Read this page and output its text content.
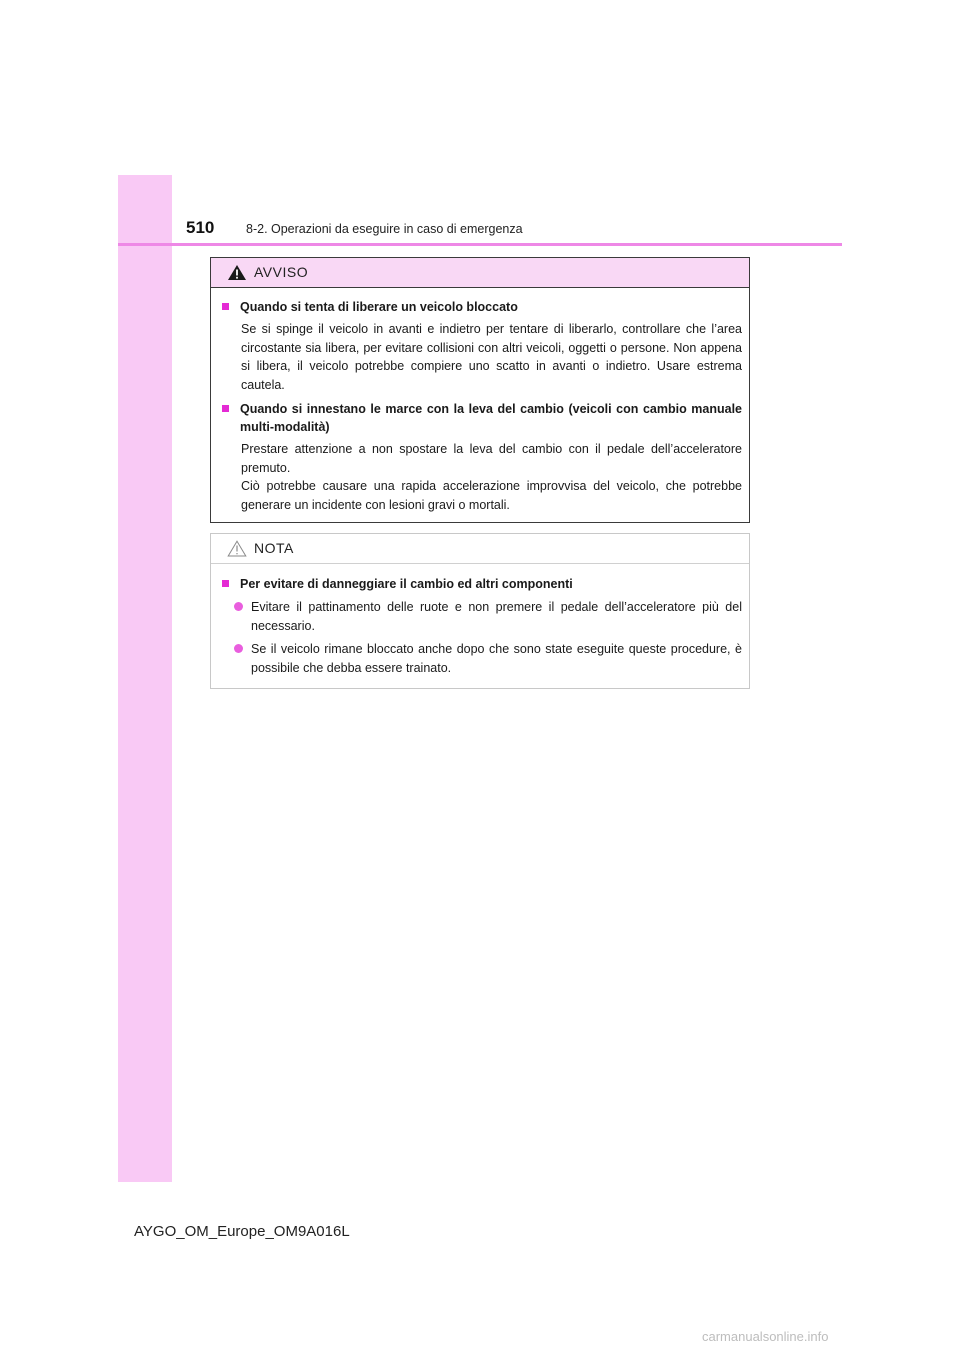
510	8-2. Operazioni da eseguire in caso di emergenza
AVVISO
Quando si tenta di liberare un veicolo bloccato
Se si spinge il veicolo in avanti e indietro per tentare di liberarlo, controllare che l’area circostante sia libera, per evitare collisioni con altri veicoli, oggetti o persone. Non appena si libera, il veicolo potrebbe compiere uno scatto in avanti o indietro. Usare estrema cautela.
Quando si innestano le marce con la leva del cambio (veicoli con cambio manuale multi-modalità)
Prestare attenzione a non spostare la leva del cambio con il pedale dell’acceleratore premuto.
Ciò potrebbe causare una rapida accelerazione improvvisa del veicolo, che potrebbe generare un incidente con lesioni gravi o mortali.
NOTA
Per evitare di danneggiare il cambio ed altri componenti
Evitare il pattinamento delle ruote e non premere il pedale dell’acceleratore più del necessario.
Se il veicolo rimane bloccato anche dopo che sono state eseguite queste procedure, è possibile che debba essere trainato.
AYGO_OM_Europe_OM9A016L
carmanualsonline.info
